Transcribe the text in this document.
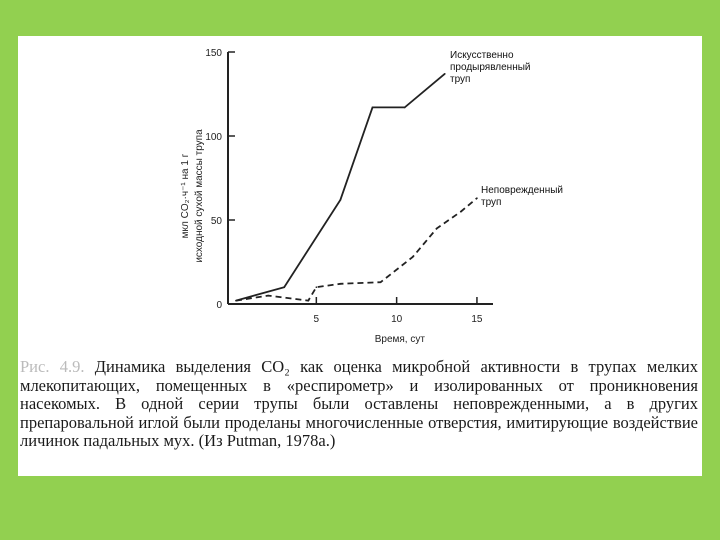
мкл CO₂·ч⁻¹ на 1 г исходной сухой массы трупа
0
50
100
150
5	10	15
Искусственно продырявленный труп
Неповрежденный труп
Время, сут
Рис. 4.9. Динамика выделения CO₂ как оценка микробной активности в трупах мелких млекопитающих, помещенных в «респирометр» и изолированных от проникновения насекомых. В одной серии трупы были оставлены неповрежденными, а в других препаровальной иглой были проделаны многочисленные отверстия, имитирующие воздействие личинок падальных мух. (Из Putman, 1978a.)
